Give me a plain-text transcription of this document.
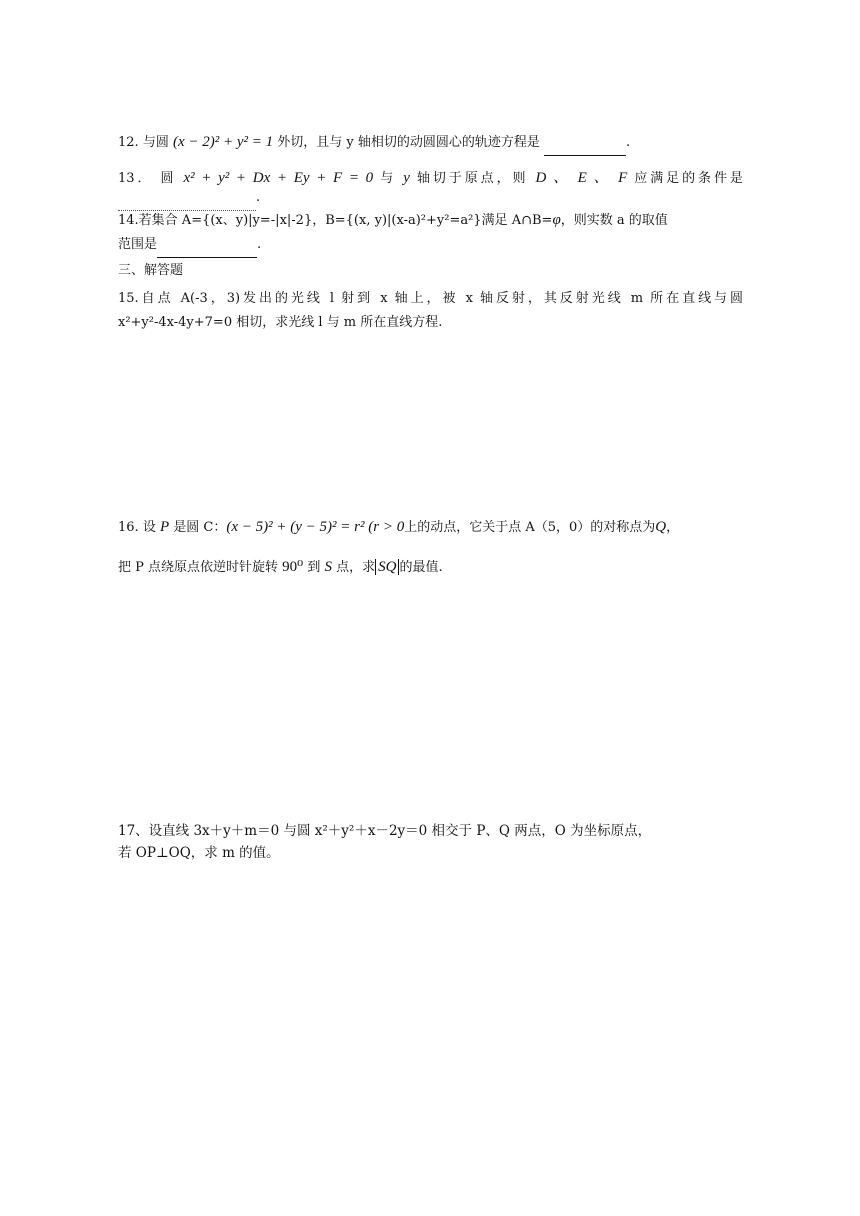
12. 与圆 (x − 2)² + y² = 1 外切，且与 y 轴相切的动圆圆心的轨迹方程是	.
13． 圆 x² + y² + Dx + Ey + F = 0 与 y 轴切于原点，则 D 、 E 、 F 应满足的条件是
.
14.若集合 A={(x、y)|y=-|x|-2}，B={(x, y)|(x-a)²+y²=a²}满足 A∩B=φ，则实数 a 的取值
范围是	.
三、解答题
15.自点 A(-3，3)发出的光线 l 射到 x 轴上，被 x 轴反射，其反射光线 m 所在直线与圆
x²+y²-4x-4y+7=0 相切，求光线 l 与 m 所在直线方程.
16. 设 P 是圆 C：(x − 5)² + (y − 5)² = r² (r > 0上的动点，它关于点 A（5，0）的对称点为Q，
把 P 点绕原点依逆时针旋转 90⁰ 到 S 点，求 SQ 的最值.
17、设直线 3x＋y＋m＝0 与圆 x²＋y²＋x－2y＝0 相交于 P、Q 两点，O 为坐标原点，
若 OP⊥OQ，求 m 的值。
